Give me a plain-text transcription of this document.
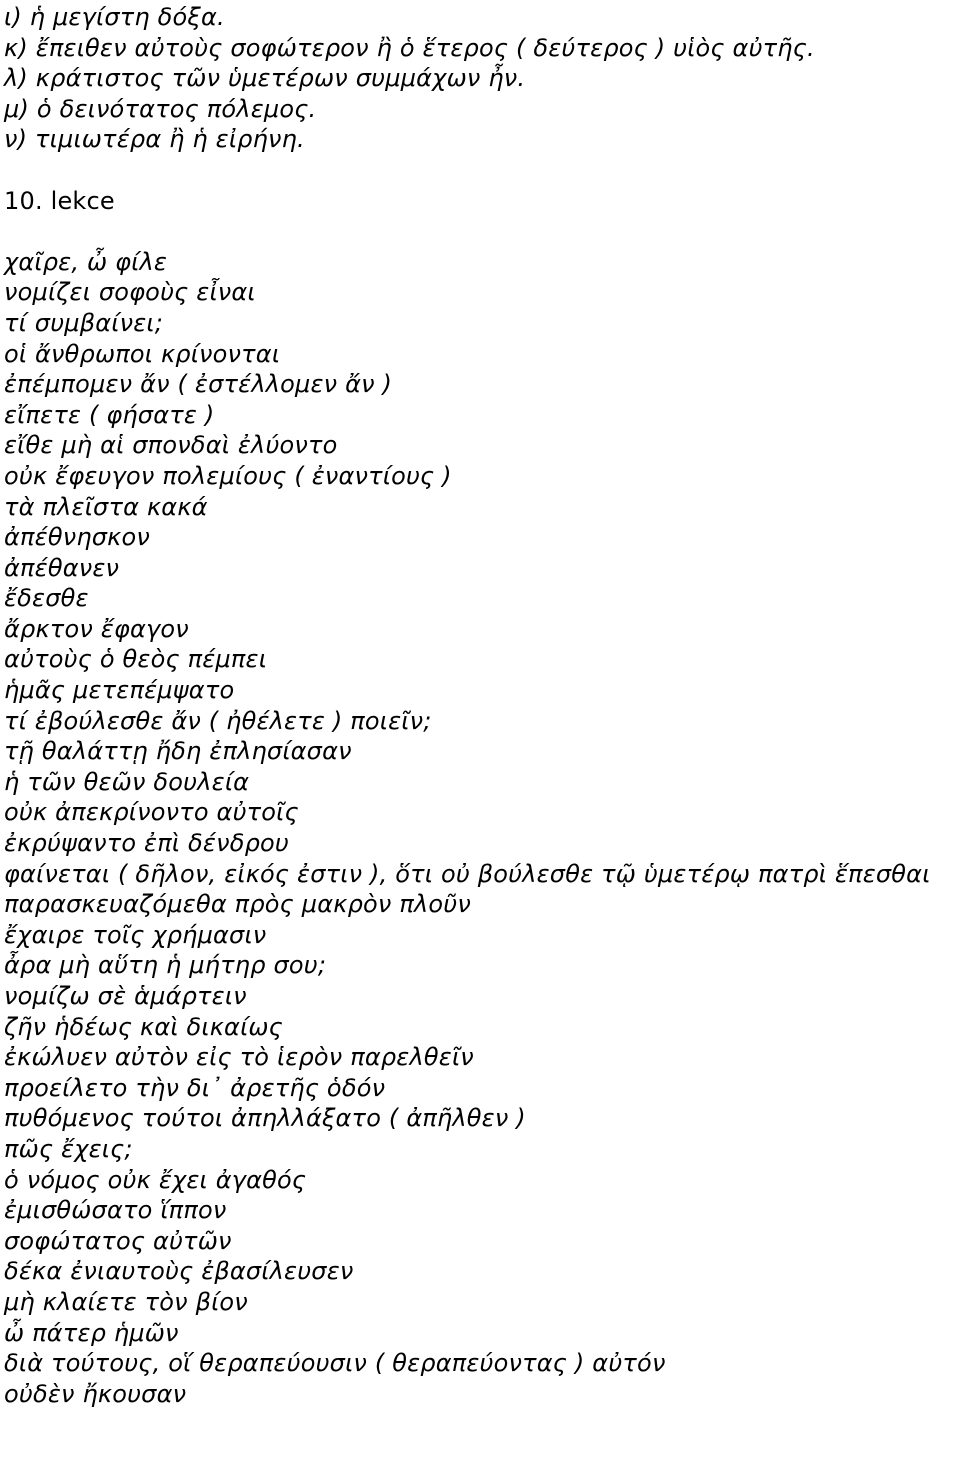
ι) ἡ μεγίστη δόξα.
κ) ἔπειθεν αὐτοὺς σοφώτερον ἢ ὁ ἕτερος ( δεύτερος ) υἱὸς αὐτῆς.
λ) κράτιστος τῶν ὑμετέρων συμμάχων ἦν.
μ) ὁ δεινότατος πόλεμος.
ν) τιμιωτέρα ἢ ἡ εἰρήνη.
10. lekce
χαῖρε, ὦ φίλε
νομίζει σοφοὺς εἶναι
τί συμβαίνει;
οἱ ἄνθρωποι κρίνονται
ἐπέμπομεν ἄν ( ἐστέλλομεν ἄν )
εἴπετε ( φήσατε )
εἴθε μὴ αἱ σπονδαὶ ἐλύοντο
οὐκ ἔφευγον πολεμίους ( ἐναντίους )
τὰ πλεῖστα κακά
ἀπέθνησκον
ἀπέθανεν
ἔδεσθε
ἄρκτον ἔφαγον
αὐτοὺς ὁ θεὸς πέμπει
ἡμᾶς μετεπέμψατο
τί ἐβούλεσθε ἄν ( ἠθέλετε ) ποιεῖν;
τῇ θαλάττῃ ἤδη ἐπλησίασαν
ἡ τῶν θεῶν δουλεία
οὐκ ἀπεκρίνοντο αὐτοῖς
ἐκρύψαντο ἐπὶ δένδρου
φαίνεται ( δῆλον, εἰκός ἐστιν ), ὅτι οὐ βούλεσθε τῷ ὑμετέρῳ πατρὶ ἕπεσθαι
παρασκευαζόμεθα πρὸς μακρὸν πλοῦν
ἔχαιρε τοῖς χρήμασιν
ἆρα μὴ αὕτη ἡ μήτηρ σου;
νομίζω σὲ ἁμάρτειν
ζῆν ἡδέως καὶ δικαίως
ἐκώλυεν αὐτὸν εἰς τὸ ἱερὸν παρελθεῖν
προείλετο τὴν δι᾽ ἀρετῆς ὁδόν
πυθόμενος τούτοι ἀπηλλάξατο ( ἀπῆλθεν )
πῶς ἔχεις;
ὁ νόμος οὐκ ἔχει ἀγαθός
ἐμισθώσατο ἵππον
σοφώτατος αὐτῶν
δέκα ἐνιαυτοὺς ἐβασίλευσεν
μὴ κλαίετε τὸν βίον
ὦ πάτερ ἡμῶν
διὰ τούτους, οἵ θεραπεύουσιν ( θεραπεύοντας ) αὐτόν
οὐδὲν ἤκουσαν
